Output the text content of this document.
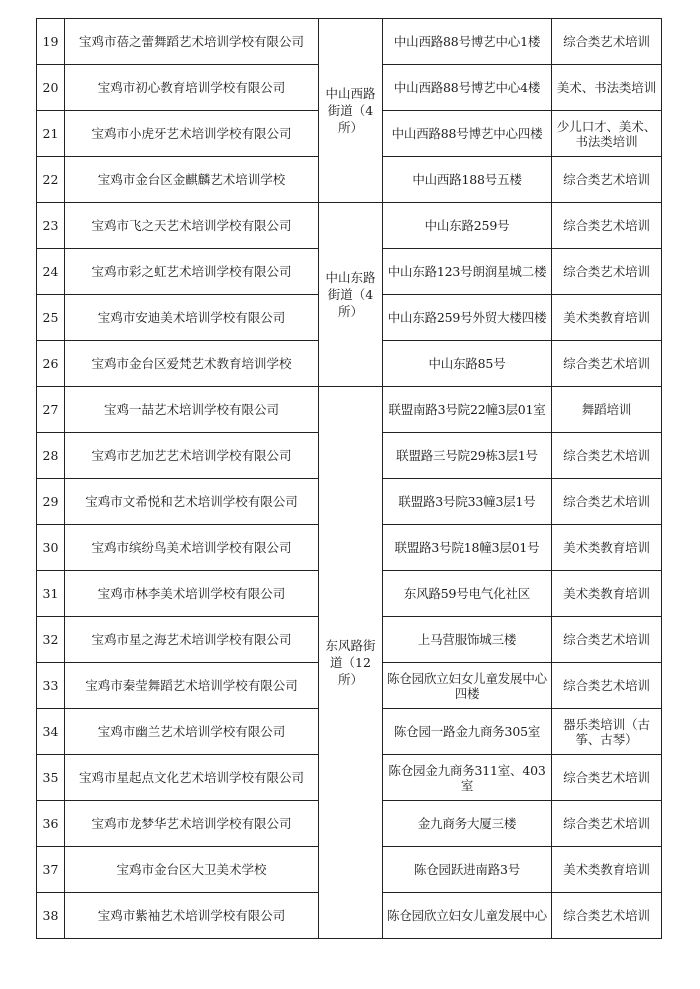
19	宝鸡市蓓之蕾舞蹈艺术培训学校有限公司	中山西路街道（4所）	中山西路88号博艺中心1楼	综合类艺术培训
20	宝鸡市初心教育培训学校有限公司		中山西路88号博艺中心4楼	美术、书法类培训
21	宝鸡市小虎牙艺术培训学校有限公司		中山西路88号博艺中心四楼	少儿口才、美术、书法类培训
22	宝鸡市金台区金麒麟艺术培训学校		中山西路188号五楼	综合类艺术培训
23	宝鸡市飞之天艺术培训学校有限公司	中山东路街道（4所）	中山东路259号	综合类艺术培训
24	宝鸡市彩之虹艺术培训学校有限公司		中山东路123号朗润星城二楼	综合类艺术培训
25	宝鸡市安迪美术培训学校有限公司		中山东路259号外贸大楼四楼	美术类教育培训
26	宝鸡市金台区爱梵艺术教育培训学校		中山东路85号	综合类艺术培训
27	宝鸡一喆艺术培训学校有限公司	东风路街道（12所）	联盟南路3号院22幢3层01室	舞蹈培训
28	宝鸡市艺加艺艺术培训学校有限公司		联盟路三号院29栋3层1号	综合类艺术培训
29	宝鸡市文希悦和艺术培训学校有限公司		联盟路3号院33幢3层1号	综合类艺术培训
30	宝鸡市缤纷鸟美术培训学校有限公司		联盟路3号院18幢3层01号	美术类教育培训
31	宝鸡市林李美术培训学校有限公司		东风路59号电气化社区	美术类教育培训
32	宝鸡市星之海艺术培训学校有限公司		上马营服饰城三楼	综合类艺术培训
33	宝鸡市秦莹舞蹈艺术培训学校有限公司		陈仓园欣立妇女儿童发展中心四楼	综合类艺术培训
34	宝鸡市幽兰艺术培训学校有限公司		陈仓园一路金九商务305室	器乐类培训（古筝、古琴）
35	宝鸡市星起点文化艺术培训学校有限公司		陈仓园金九商务311室、403室	综合类艺术培训
36	宝鸡市龙梦华艺术培训学校有限公司		金九商务大厦三楼	综合类艺术培训
37	宝鸡市金台区大卫美术学校		陈仓园跃进南路3号	美术类教育培训
38	宝鸡市紫袖艺术培训学校有限公司		陈仓园欣立妇女儿童发展中心	综合类艺术培训
